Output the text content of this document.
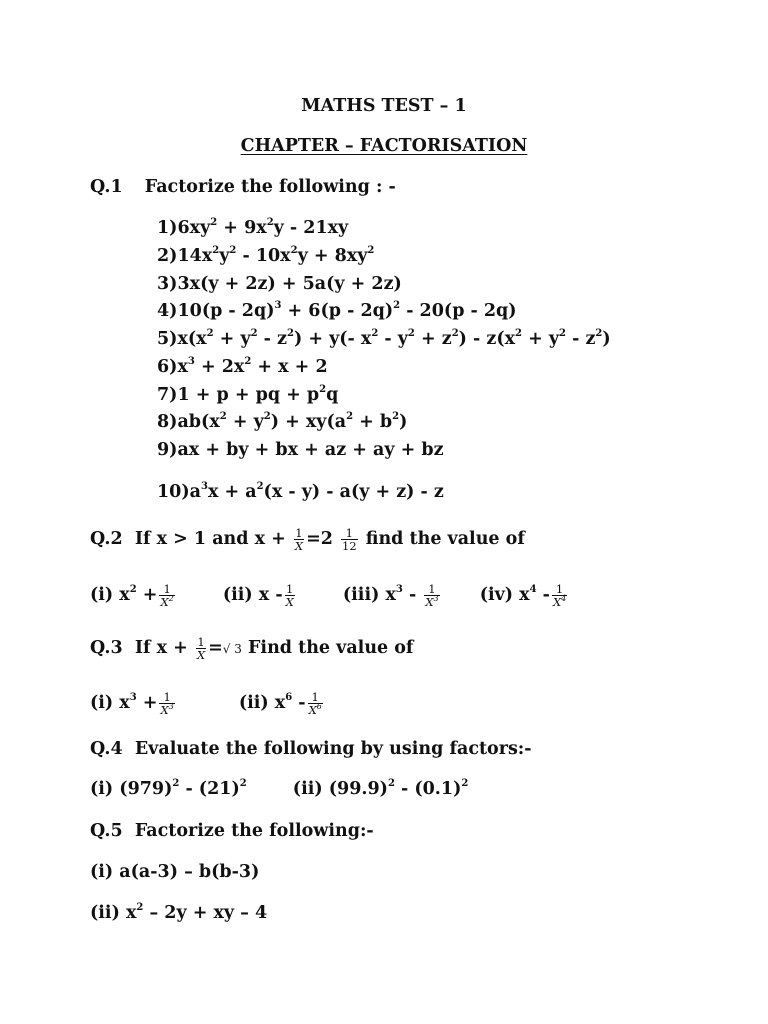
MATHS TEST – 1
CHAPTER – FACTORISATION
Q.1 Factorize the following : -
$1)6xy^2 + 9x^2y - 21xy$
$2)14x^2y^2 - 10x^2y + 8xy^2$
3)3x(y + 2z) + 5a(y + 2z)
4)10(p - 2q)$^3$ + 6(p - 2q)$^2$ - 20(p - 2q)
$5)x(x^2 + y^2 - z^2) + y(-$ $x^2 - y^2 + z^2) - z(x^2 + y^2 - z^2)$
$6)x^3 + 2x^2 + x + 2$
7)1 + p + pq + $p^2q$
$8)ab(x^2 + y^2) + xy(a^2 + b^2)$
9)ax + by + bx + az + ay + bz
$10)a^3x + a^2(x - y) - a(y + z) - z$
Q.2 If x > 1 and $x + \frac{1}{X} =2 \frac{1}{12}$ find the value of
(i) $x^2 + \frac{1}{X^2}$	(ii) x - $\frac{1}{X}$	(iii) $x^3 - \frac{1}{X^3} (iv)$ $x^4 - \frac{1}{X^4}$
Q.3 If $x + \frac{1}{X}$ =√ 3 Find the value of
(i) $x^3 + \frac{1}{X^3}$	(ii) $x^6 - \frac{1}{X^6}$
Q.4 Evaluate the following by using factors:-
(i) $(979)^2 - (21)^2$	(ii) $(99.9)^2 - (0.1)^2$
Q.5 Factorize the following:-
(i) a(a-3) – b(b-3)
(ii) $x^2 - 2y$ + xy – 4
